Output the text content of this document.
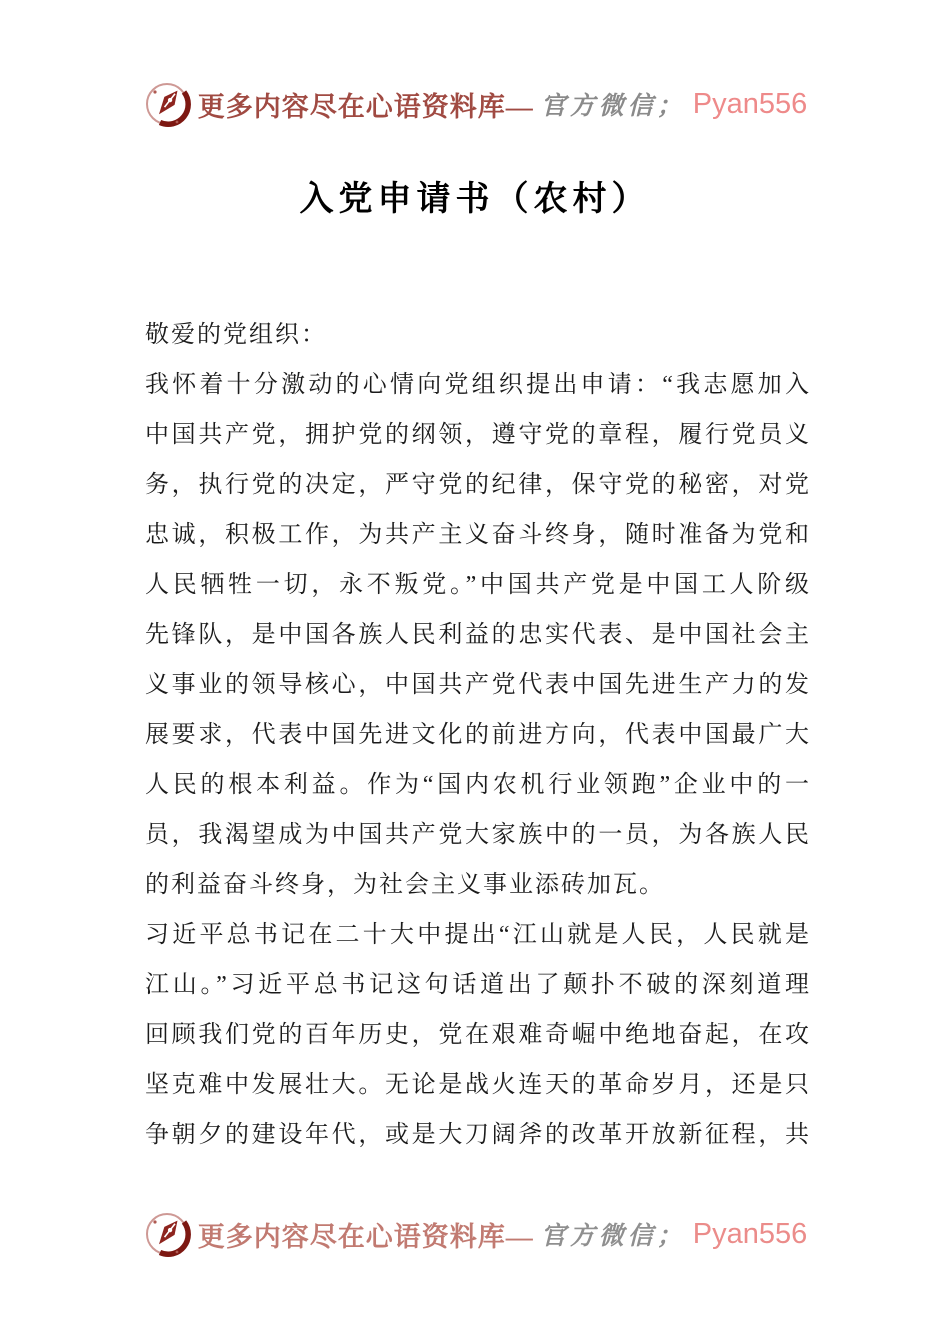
更多内容尽在心语资料库— 官方微信； Pyan556
入党申请书（农村）
敬爱的党组织：
我怀着十分激动的心情向党组织提出申请：“我志愿加入
中国共产党，拥护党的纲领，遵守党的章程，履行党员义
务，执行党的决定，严守党的纪律，保守党的秘密，对党
忠诚，积极工作，为共产主义奋斗终身，随时准备为党和
人民牺牲一切，永不叛党。”中国共产党是中国工人阶级
先锋队，是中国各族人民利益的忠实代表、是中国社会主
义事业的领导核心，中国共产党代表中国先进生产力的发
展要求，代表中国先进文化的前进方向，代表中国最广大
人民的根本利益。作为“国内农机行业领跑”企业中的一
员，我渴望成为中国共产党大家族中的一员，为各族人民
的利益奋斗终身，为社会主义事业添砖加瓦。
习近平总书记在二十大中提出“江山就是人民，人民就是
江山。”习近平总书记这句话道出了颠扑不破的深刻道理
回顾我们党的百年历史，党在艰难奇崛中绝地奋起，在攻
坚克难中发展壮大。无论是战火连天的革命岁月，还是只
争朝夕的建设年代，或是大刀阔斧的改革开放新征程，共
更多内容尽在心语资料库— 官方微信； Pyan556
